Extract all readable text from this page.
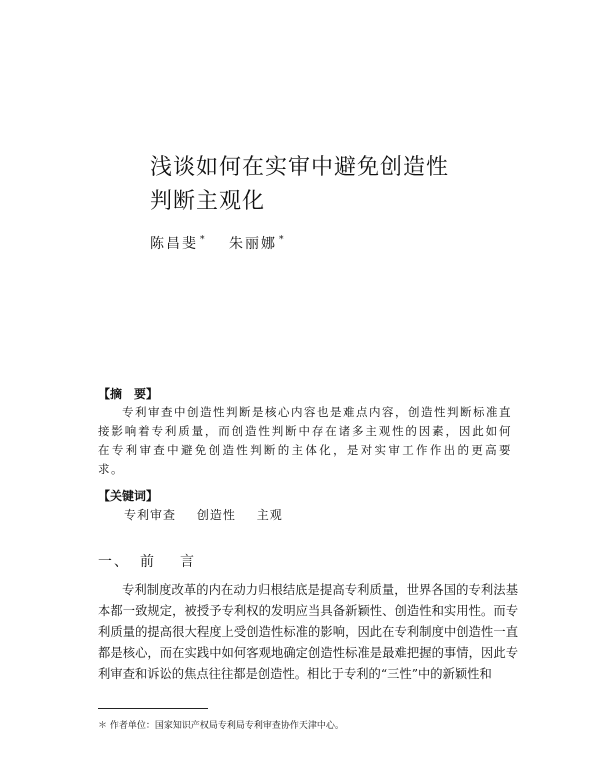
浅谈如何在实审中避免创造性
判断主观化
陈昌斐 * 朱丽娜 *
【摘　要】

专利审查中创造性判断是核心内容也是难点内容，创造性判断标准直接影响着专利质量，而创造性判断中存在诸多主观性的因素，因此如何在专利审查中避免创造性判断的主体化，是对实审工作作出的更高要求。

【关键词】
专利审查 创造性 主观
一、 前言

专利制度改革的内在动力归根结底是提高专利质量，世界各国的专利法基本都一致规定，被授予专利权的发明应当具备新颖性、创造性和实用性。而专利质量的提高很大程度上受创造性标准的影响，因此在专利制度中创造性一直都是核心，而在实践中如何客观地确定创造性标准是最难把握的事情，因此专利审查和诉讼的焦点往往都是创造性。相比于专利的“三性”中的新颖性和

＊ 作者单位：国家知识产权局专利局专利审查协作天津中心。
